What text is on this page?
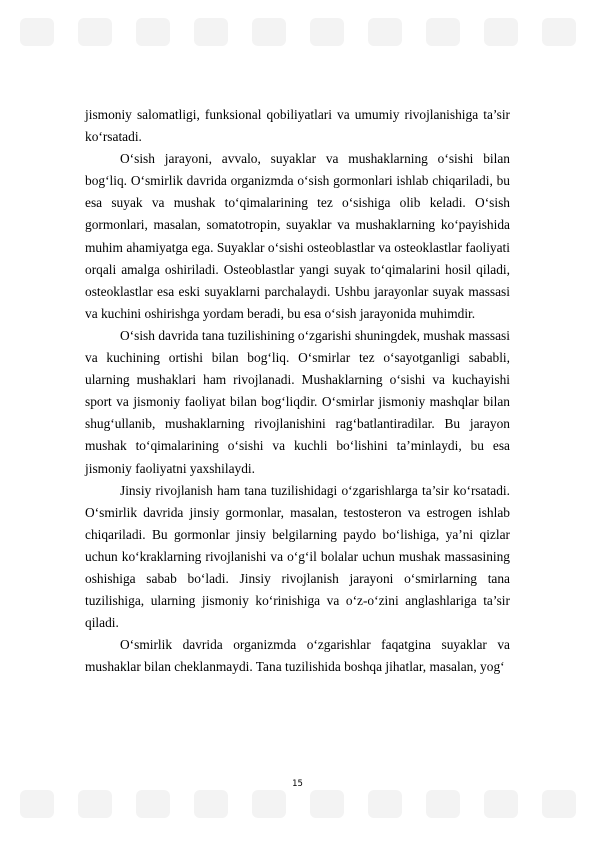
jismoniy salomatligi, funksional qobiliyatlari va umumiy rivojlanishiga ta’sir ko‘rsatadi.

O‘sish jarayoni, avvalo, suyaklar va mushaklarning o‘sishi bilan bog‘liq. O‘smirlik davrida organizmda o‘sish gormonlari ishlab chiqariladi, bu esa suyak va mushak to‘qimalarining tez o‘sishiga olib keladi. O‘sish gormonlari, masalan, somatotropin, suyaklar va mushaklarning ko‘payishida muhim ahamiyatga ega. Suyaklar o‘sishi osteoblastlar va osteoklastlar faoliyati orqali amalga oshiriladi. Osteoblastlar yangi suyak to‘qimalarini hosil qiladi, osteoklastlar esa eski suyaklarni parchalaydi. Ushbu jarayonlar suyak massasi va kuchini oshirishga yordam beradi, bu esa o‘sish jarayonida muhimdir.

O‘sish davrida tana tuzilishining o‘zgarishi shuningdek, mushak massasi va kuchining ortishi bilan bog‘liq. O‘smirlar tez o‘sayotganligi sababli, ularning mushaklari ham rivojlanadi. Mushaklarning o‘sishi va kuchayishi sport va jismoniy faoliyat bilan bog‘liqdir. O‘smirlar jismoniy mashqlar bilan shug‘ullanib, mushaklarning rivojlanishini rag‘batlantiradilar. Bu jarayon mushak to‘qimalarining o‘sishi va kuchli bo‘lishini ta’minlaydi, bu esa jismoniy faoliyatni yaxshilaydi.

Jinsiy rivojlanish ham tana tuzilishidagi o‘zgarishlarga ta’sir ko‘rsatadi. O‘smirlik davrida jinsiy gormonlar, masalan, testosteron va estrogen ishlab chiqariladi. Bu gormonlar jinsiy belgilarning paydo bo‘lishiga, ya’ni qizlar uchun ko‘kraklarning rivojlanishi va o‘g‘il bolalar uchun mushak massasining oshishiga sabab bo‘ladi. Jinsiy rivojlanish jarayoni o‘smirlarning tana tuzilishiga, ularning jismoniy ko‘rinishiga va o‘z-o‘zini anglashlariga ta’sir qiladi.

O‘smirlik davrida organizmda o‘zgarishlar faqatgina suyaklar va mushaklar bilan cheklanmaydi. Tana tuzilishida boshqa jihatlar, masalan, yog‘

15
